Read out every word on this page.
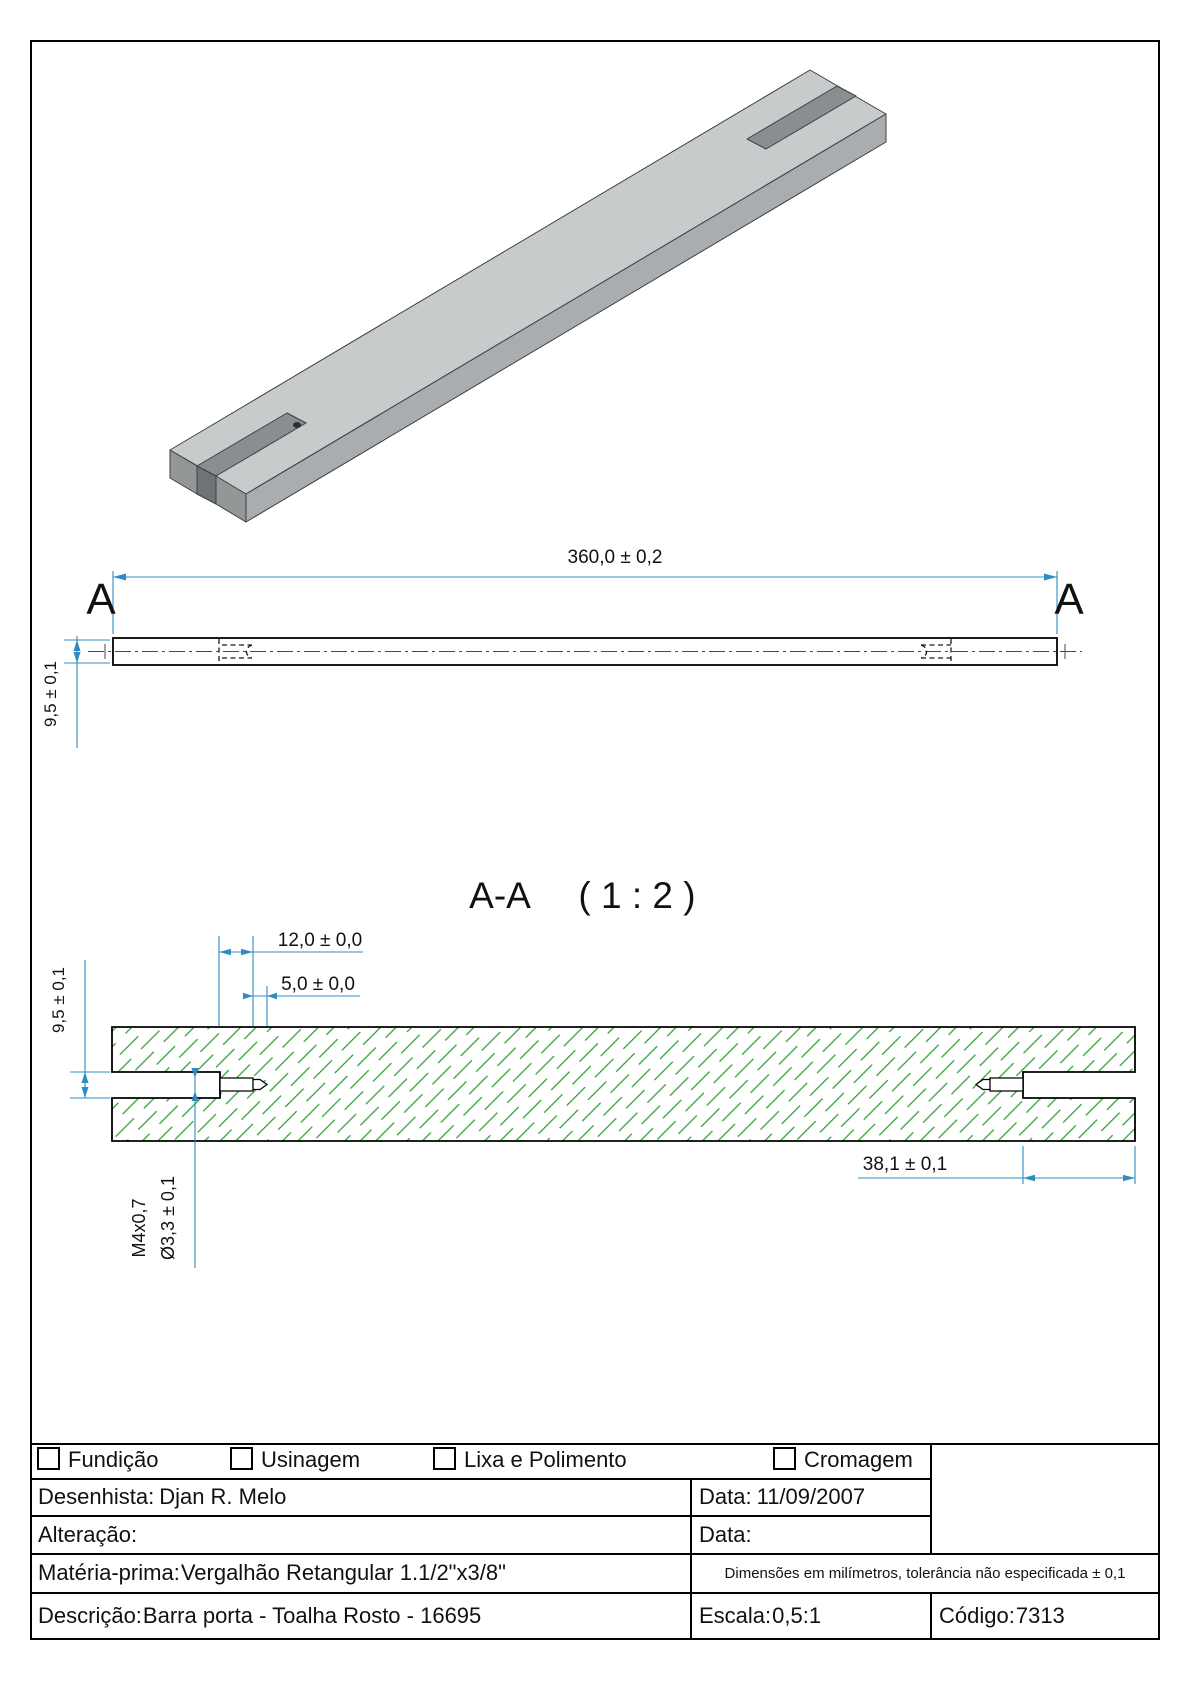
360,0 ± 0,2
A	A
9,5 ± 0,1
A-A ( 1 : 2 )
12,0 ± 0,0
5,0 ± 0,0
9,5 ± 0,1
M4x0,7 Ø3,3 ± 0,1
38,1 ± 0,1
Fundição	Usinagem	Lixa e Polimento	Cromagem
Desenhista: Djan R. Melo	Data: 11/09/2007
Alteração:	Data:
Matéria-prima: Vergalhão Retangular 1.1/2"x3/8"	Dimensões em milímetros, tolerância não especificada ± 0,1
Descrição: Barra porta - Toalha Rosto - 16695	Escala: 0,5:1	Código: 7313
